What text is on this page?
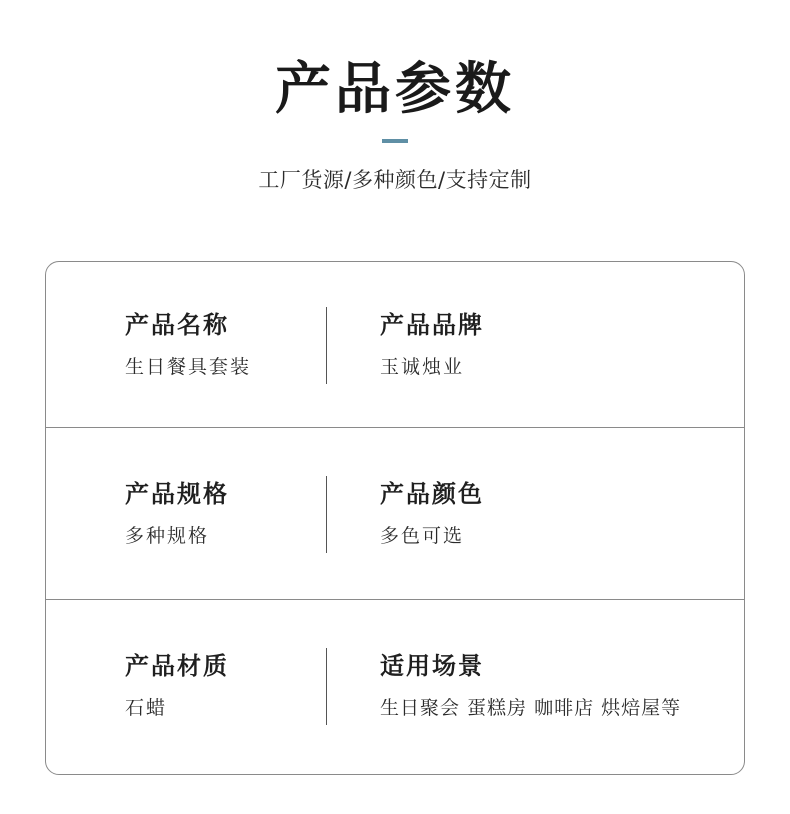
产品参数
工厂货源/多种颜色/支持定制
产品名称
生日餐具套装
产品品牌
玉诚烛业
产品规格
多种规格
产品颜色
多色可选
产品材质
石蜡
适用场景
生日聚会 蛋糕房 咖啡店 烘焙屋等
